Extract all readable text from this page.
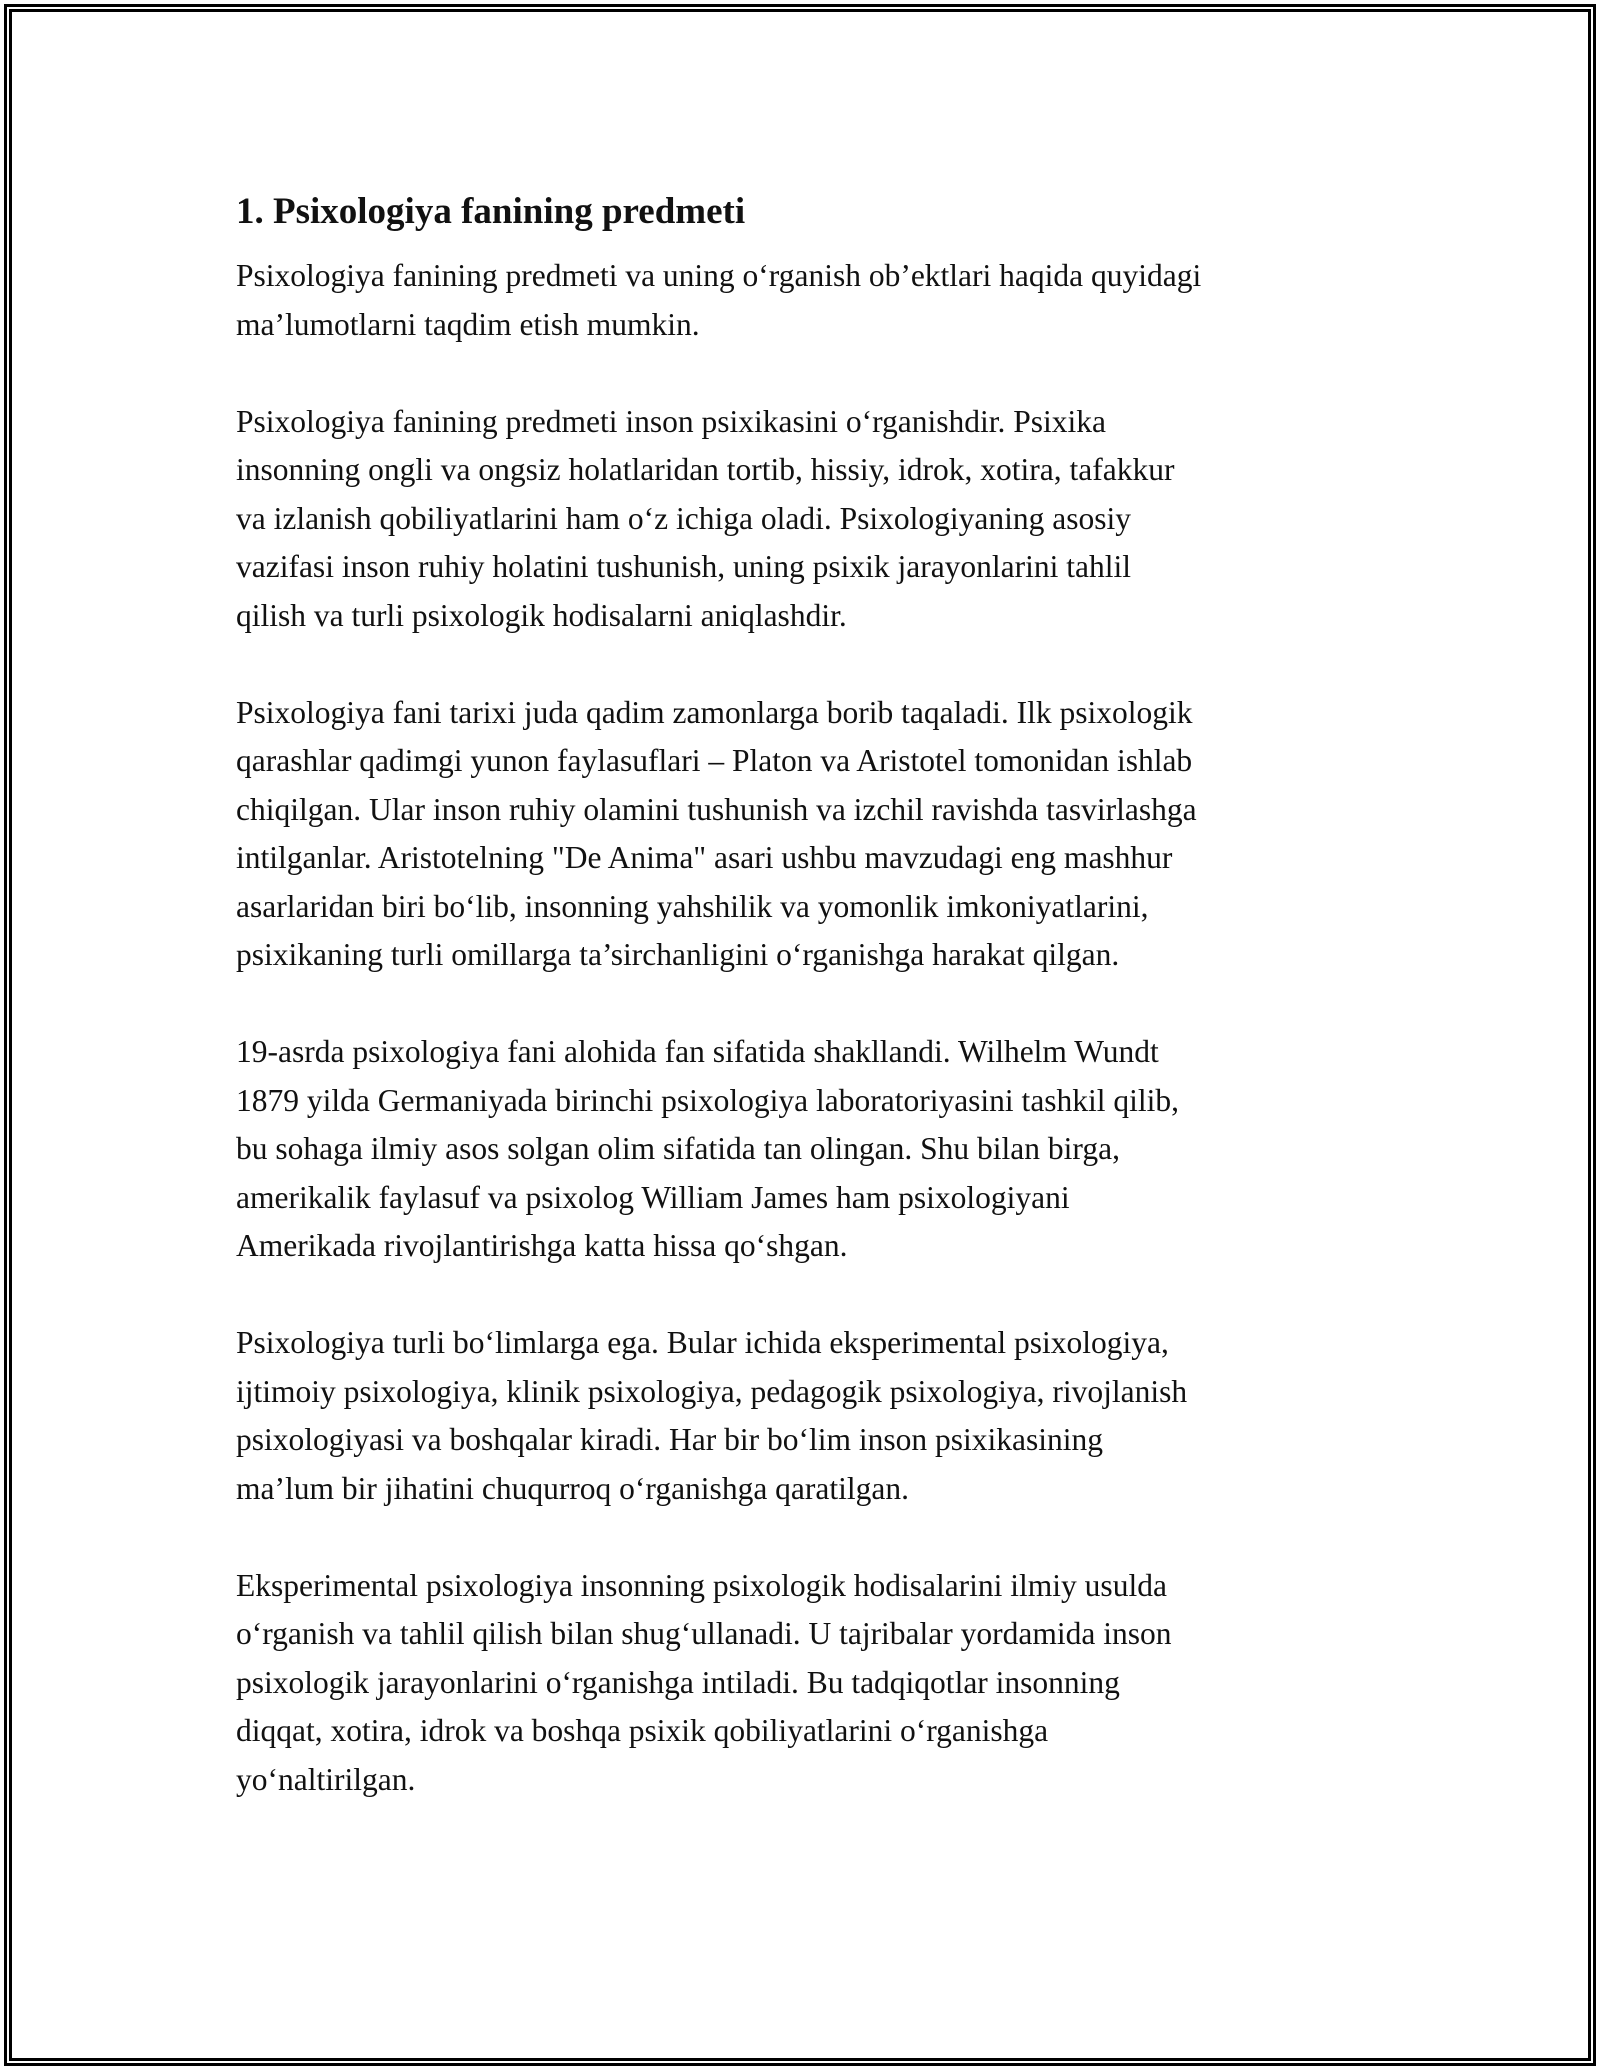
1. Psixologiya fanining predmeti

Psixologiya fanining predmeti va uning o‘rganish ob’ektlari haqida quyidagi
ma’lumotlarni taqdim etish mumkin.

Psixologiya fanining predmeti inson psixikasini o‘rganishdir. Psixika
insonning ongli va ongsiz holatlaridan tortib, hissiy, idrok, xotira, tafakkur
va izlanish qobiliyatlarini ham o‘z ichiga oladi. Psixologiyaning asosiy
vazifasi inson ruhiy holatini tushunish, uning psixik jarayonlarini tahlil
qilish va turli psixologik hodisalarni aniqlashdir.

Psixologiya fani tarixi juda qadim zamonlarga borib taqaladi. Ilk psixologik
qarashlar qadimgi yunon faylasuflari – Platon va Aristotel tomonidan ishlab
chiqilgan. Ular inson ruhiy olamini tushunish va izchil ravishda tasvirlashga
intilganlar. Aristotelning "De Anima" asari ushbu mavzudagi eng mashhur
asarlaridan biri bo‘lib, insonning yahshilik va yomonlik imkoniyatlarini,
psixikaning turli omillarga ta’sirchanligini o‘rganishga harakat qilgan.

19-asrda psixologiya fani alohida fan sifatida shakllandi. Wilhelm Wundt
1879 yilda Germaniyada birinchi psixologiya laboratoriyasini tashkil qilib,
bu sohaga ilmiy asos solgan olim sifatida tan olingan. Shu bilan birga,
amerikalik faylasuf va psixolog William James ham psixologiyani
Amerikada rivojlantirishga katta hissa qo‘shgan.

Psixologiya turli bo‘limlarga ega. Bular ichida eksperimental psixologiya,
ijtimoiy psixologiya, klinik psixologiya, pedagogik psixologiya, rivojlanish
psixologiyasi va boshqalar kiradi. Har bir bo‘lim inson psixikasining
ma’lum bir jihatini chuqurroq o‘rganishga qaratilgan.

Eksperimental psixologiya insonning psixologik hodisalarini ilmiy usulda
o‘rganish va tahlil qilish bilan shug‘ullanadi. U tajribalar yordamida inson
psixologik jarayonlarini o‘rganishga intiladi. Bu tadqiqotlar insonning
diqqat, xotira, idrok va boshqa psixik qobiliyatlarini o‘rganishga
yo‘naltirilgan.
